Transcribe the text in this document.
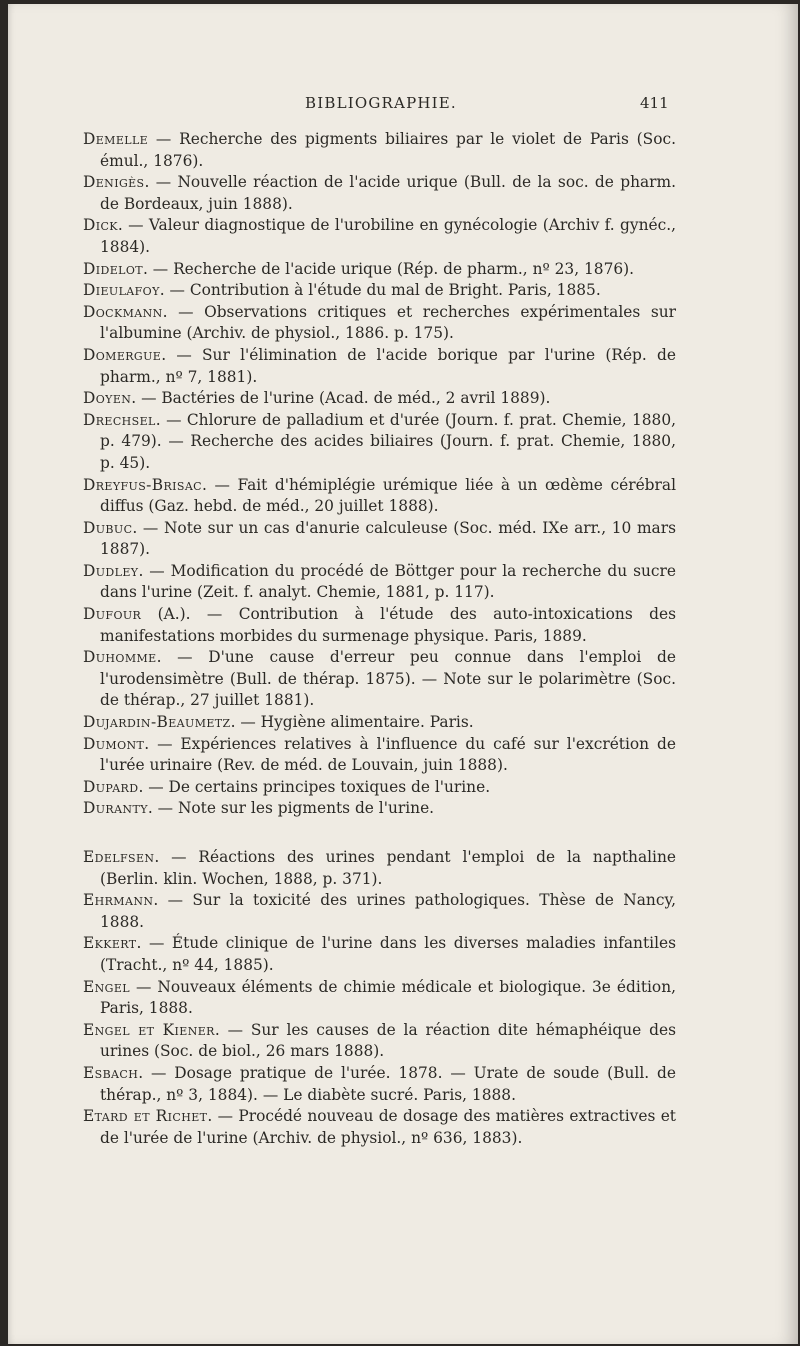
BIBLIOGRAPHIE.	411

Demelle — Recherche des pigments biliaires par le violet de Paris (Soc. émul., 1876).

Denigès. — Nouvelle réaction de l'acide urique (Bull. de la soc. de pharm. de Bordeaux, juin 1888).

Dick. — Valeur diagnostique de l'urobiline en gynécologie (Archiv f. gynéc., 1884).

Didelot. — Recherche de l'acide urique (Rép. de pharm., nº 23, 1876).

Dieulafoy. — Contribution à l'étude du mal de Bright. Paris, 1885.

Dockmann. — Observations critiques et recherches expérimentales sur l'albumine (Archiv. de physiol., 1886. p. 175).

Domergue. — Sur l'élimination de l'acide borique par l'urine (Rép. de pharm., nº 7, 1881).

Doyen. — Bactéries de l'urine (Acad. de méd., 2 avril 1889).

Drechsel. — Chlorure de palladium et d'urée (Journ. f. prat. Chemie, 1880, p. 479). — Recherche des acides biliaires (Journ. f. prat. Chemie, 1880, p. 45).

Dreyfus-Brisac. — Fait d'hémiplégie urémique liée à un œdème cérébral diffus (Gaz. hebd. de méd., 20 juillet 1888).

Dubuc. — Note sur un cas d'anurie calculeuse (Soc. méd. IXe arr., 10 mars 1887).

Dudley. — Modification du procédé de Böttger pour la recherche du sucre dans l'urine (Zeit. f. analyt. Chemie, 1881, p. 117).

Dufour (A.). — Contribution à l'étude des auto-intoxications des manifestations morbides du surmenage physique. Paris, 1889.

Duhomme. — D'une cause d'erreur peu connue dans l'emploi de l'urodensimètre (Bull. de thérap. 1875). — Note sur le polarimètre (Soc. de thérap., 27 juillet 1881).

Dujardin-Beaumetz. — Hygiène alimentaire. Paris.

Dumont. — Expériences relatives à l'influence du café sur l'excrétion de l'urée urinaire (Rev. de méd. de Louvain, juin 1888).

Dupard. — De certains principes toxiques de l'urine.

Duranty. — Note sur les pigments de l'urine.

Edelfsen. — Réactions des urines pendant l'emploi de la napthaline (Berlin. klin. Wochen, 1888, p. 371).

Ehrmann. — Sur la toxicité des urines pathologiques. Thèse de Nancy, 1888.

Ekkert. — Étude clinique de l'urine dans les diverses maladies infantiles (Tracht., nº 44, 1885).

Engel — Nouveaux éléments de chimie médicale et biologique. 3e édition, Paris, 1888.

Engel et Kiener. — Sur les causes de la réaction dite hémaphéique des urines (Soc. de biol., 26 mars 1888).

Esbach. — Dosage pratique de l'urée. 1878. — Urate de soude (Bull. de thérap., nº 3, 1884). — Le diabète sucré. Paris, 1888.

Etard et Richet. — Procédé nouveau de dosage des matières extractives et de l'urée de l'urine (Archiv. de physiol., nº 636, 1883).
